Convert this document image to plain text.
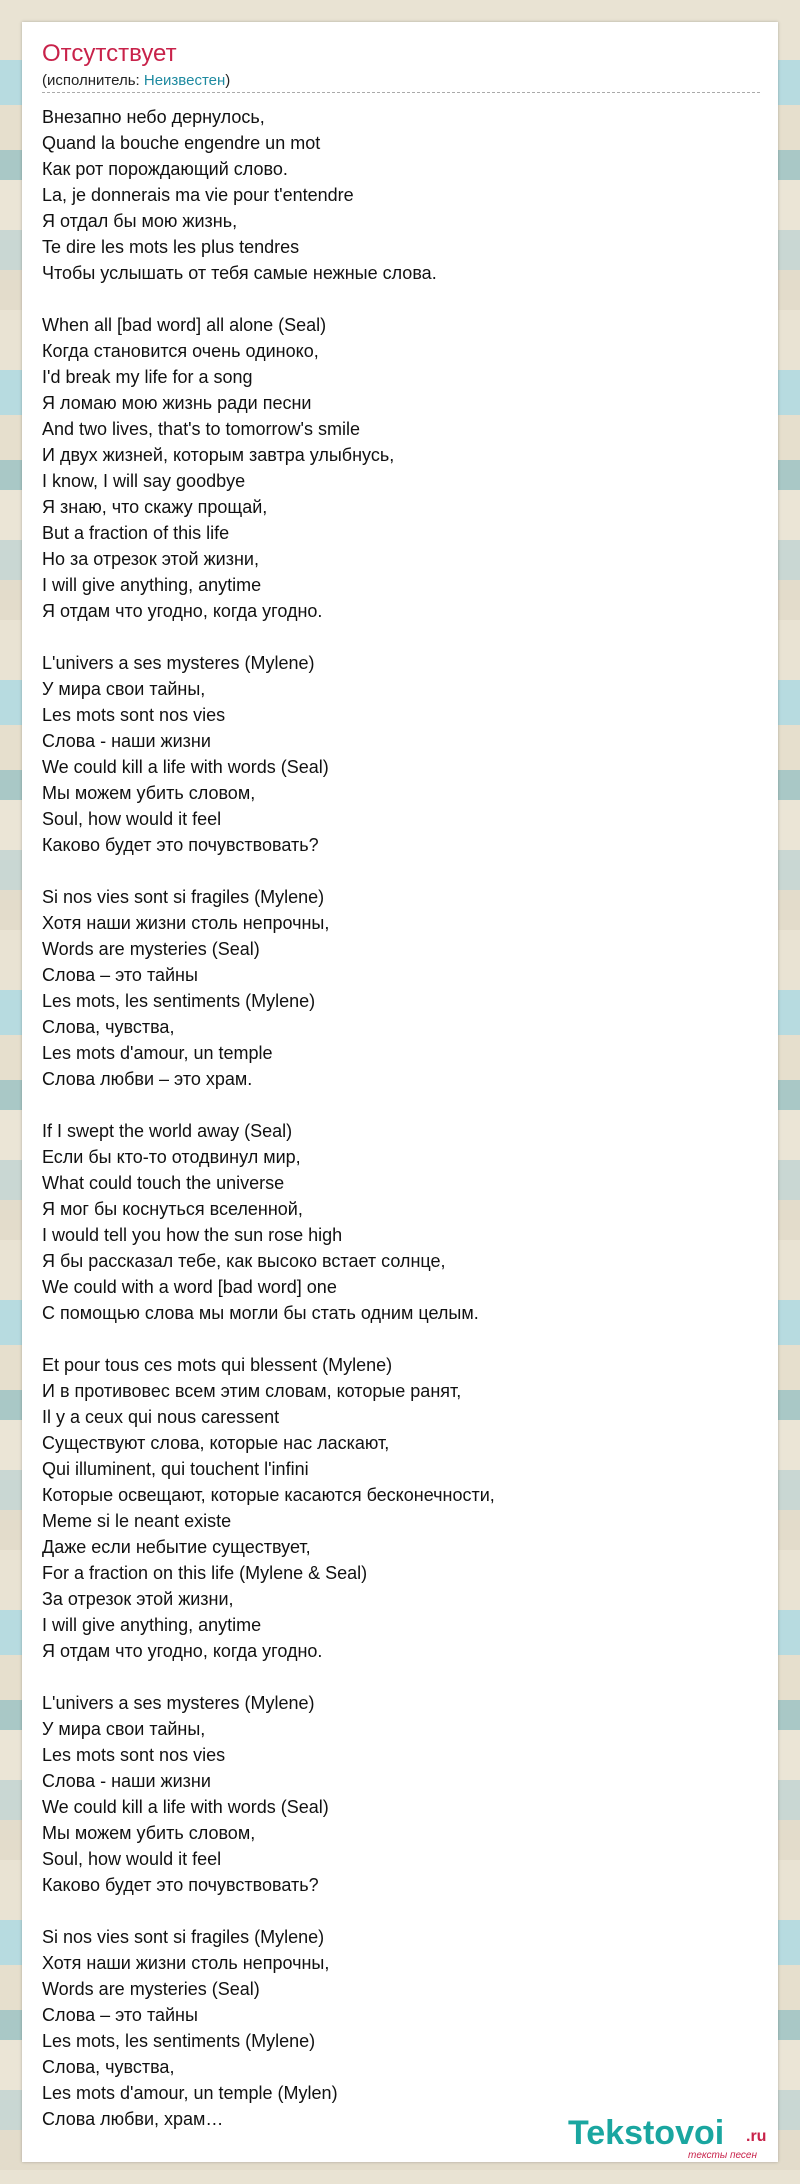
Отсутствует
(исполнитель: Неизвестен)
Внезапно небо дернулось,
Quand la bouche engendre un mot
Как рот порождающий слово.
La, je donnerais ma vie pour t'entendre
Я отдал бы мою жизнь,
Te dire les mots les plus tendres
Чтобы услышать от тебя самые нежные слова.
When all [bad word] all alone (Seal)
Когда становится очень одиноко,
I'd break my life for a song
Я ломаю мою жизнь ради песни
And two lives, that's to tomorrow's smile
И двух жизней, которым завтра улыбнусь,
I know, I will say goodbye
Я знаю, что скажу прощай,
But a fraction of this life
Но за отрезок этой жизни,
I will give anything, anytime
Я отдам что угодно, когда угодно.
L'univers a ses mysteres (Mylene)
У мира свои тайны,
Les mots sont nos vies
Слова - наши жизни
We could kill a life with words (Seal)
Мы можем убить словом,
Soul, how would it feel
Каково будет это почувствовать?
Si nos vies sont si fragiles (Mylene)
Хотя наши жизни столь непрочны,
Words are mysteries (Seal)
Слова – это тайны
Les mots, les sentiments (Mylene)
Слова, чувства,
Les mots d'amour, un temple
Слова любви – это храм.
If I swept the world away (Seal)
Если бы кто-то отодвинул мир,
What could touch the universe
Я мог бы коснуться вселенной,
I would tell you how the sun rose high
Я бы рассказал тебе, как высоко встает солнце,
We could with a word [bad word] one
С помощью слова мы могли бы стать одним целым.
Et pour tous ces mots qui blessent (Mylene)
И в противовес всем этим словам, которые ранят,
Il y a ceux qui nous caressent
Существуют слова, которые нас ласкают,
Qui illuminent, qui touchent l'infini
Которые освещают, которые касаются бесконечности,
Meme si le neant existe
Даже если небытие существует,
For a fraction on this life (Mylene & Seal)
За отрезок этой жизни,
I will give anything, anytime
Я отдам что угодно, когда угодно.
L'univers a ses mysteres (Mylene)
У мира свои тайны,
Les mots sont nos vies
Слова - наши жизни
We could kill a life with words (Seal)
Мы можем убить словом,
Soul, how would it feel
Каково будет это почувствовать?
Si nos vies sont si fragiles (Mylene)
Хотя наши жизни столь непрочны,
Words are mysteries (Seal)
Слова – это тайны
Les mots, les sentiments (Mylene)
Слова, чувства,
Les mots d'amour, un temple (Mylen)
Слова любви, храм…	Tekstovoi .ru
тексты песен
